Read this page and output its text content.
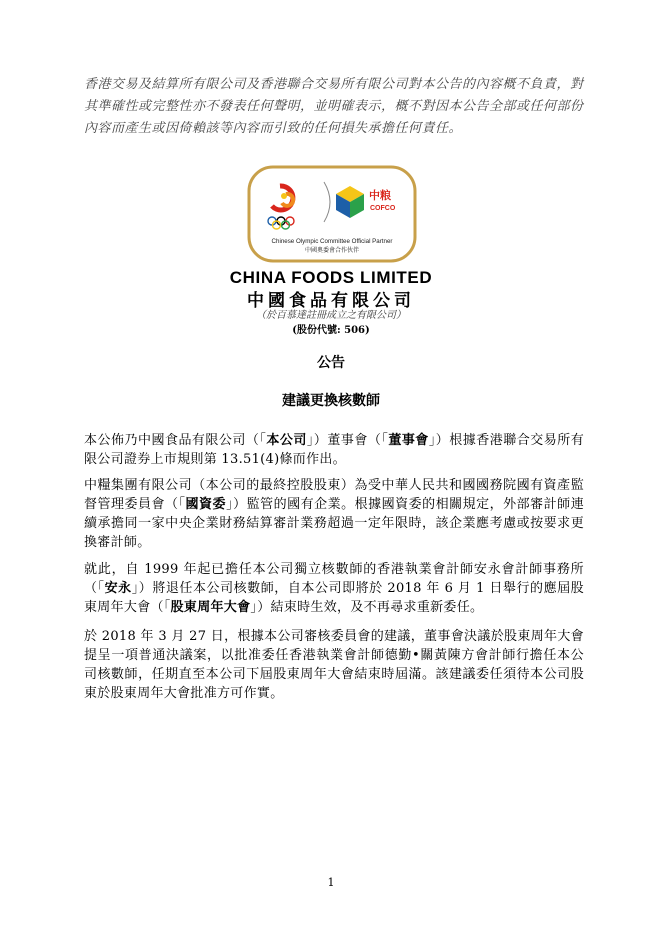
香港交易及結算所有限公司及香港聯合交易所有限公司對本公告的內容概不負責，對其準確性或完整性亦不發表任何聲明，並明確表示，概不對因本公告全部或任何部份內容而產生或因倚賴該等內容而引致的任何損失承擔任何責任。
中粮
COFCO
Chinese Olympic Committee Official Partner
中國奧委會合作伙伴
CHINA FOODS LIMITED
中國食品有限公司
（於百慕達註冊成立之有限公司）
(股份代號: 506)
公告
建議更換核數師
本公佈乃中國食品有限公司（「本公司」）董事會（「董事會」）根據香港聯合交易所有限公司證券上市規則第 13.51(4)條而作出。
中糧集團有限公司（本公司的最終控股股東）為受中華人民共和國國務院國有資產監督管理委員會（「國資委」）監管的國有企業。根據國資委的相關規定，外部審計師連續承擔同一家中央企業財務結算審計業務超過一定年限時，該企業應考慮或按要求更換審計師。
就此，自 1999 年起已擔任本公司獨立核數師的香港執業會計師安永會計師事務所（「安永」）將退任本公司核數師，自本公司即將於 2018 年 6 月 1 日舉行的應屆股東周年大會（「股東周年大會」）結束時生效，及不再尋求重新委任。
於 2018 年 3 月 27 日，根據本公司審核委員會的建議，董事會決議於股東周年大會提呈一項普通決議案，以批准委任香港執業會計師德勤•關黃陳方會計師行擔任本公司核數師，任期直至本公司下屆股東周年大會結束時屆滿。該建議委任須待本公司股東於股東周年大會批准方可作實。
1
